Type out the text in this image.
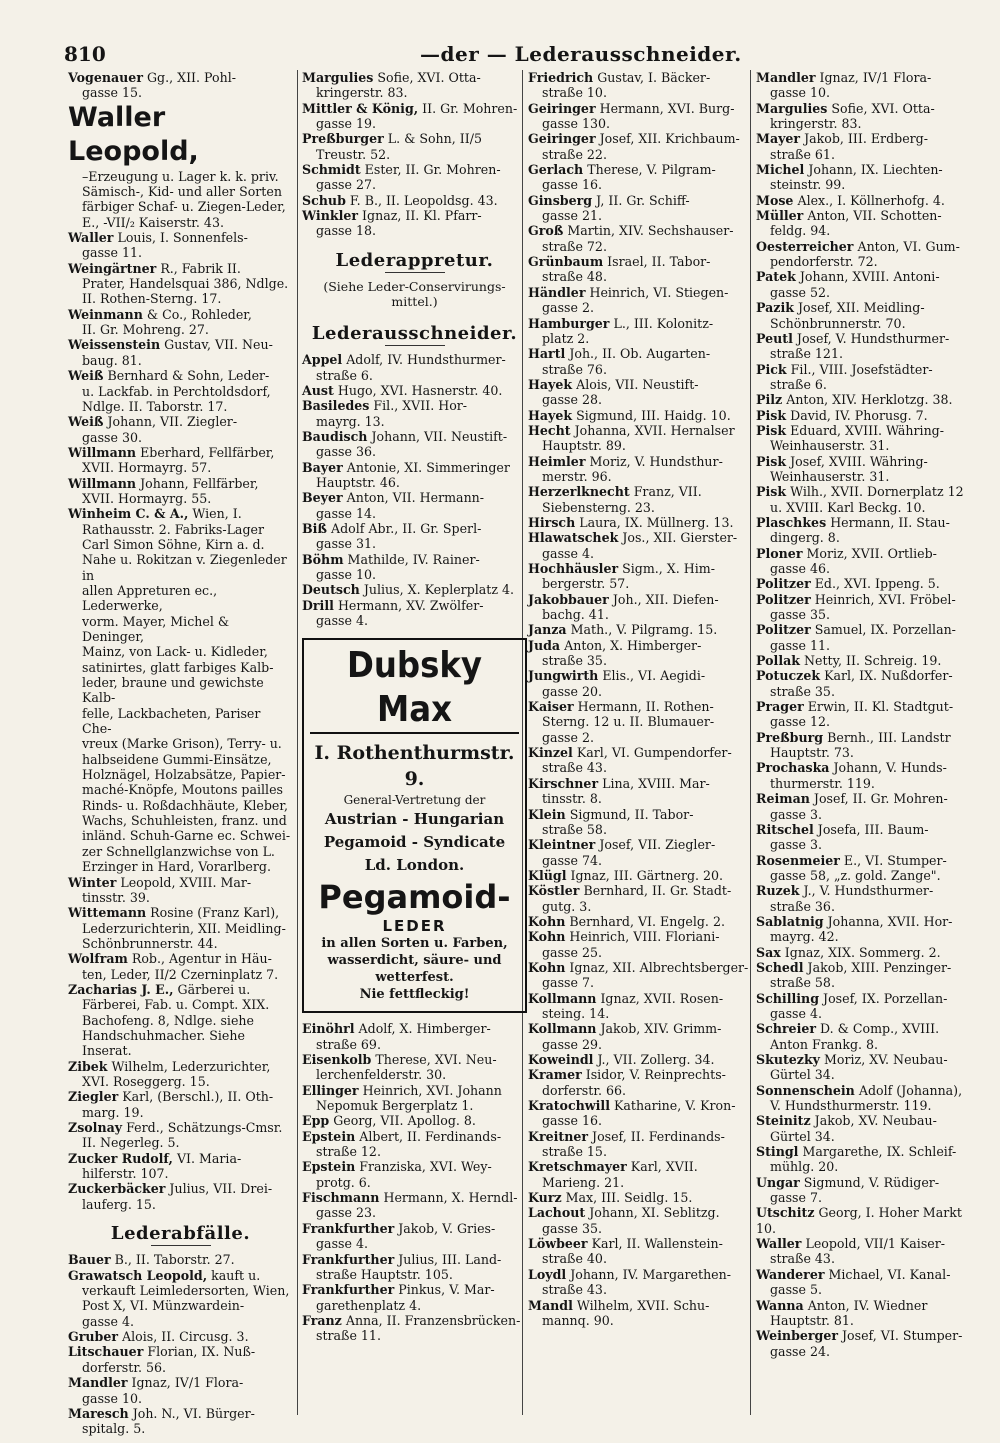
810	—der — Lederausschneider.
Vogenauer Gg., XII. Pohl-
gasse 15.
Waller Leopold,
–Erzeugung u. Lager k. k. priv.
Sämisch-, Kid- und aller Sorten
färbiger Schaf- u. Ziegen-Leder,
E., -VII/₂ Kaiserstr. 43.
Waller Louis, I. Sonnenfels-
gasse 11.
Weingärtner R., Fabrik II.
Prater, Handelsquai 386, Ndlge.
II. Rothen-Sterng. 17.
Weinmann & Co., Rohleder,
II. Gr. Mohreng. 27.
Weissenstein Gustav, VII. Neu-
baug. 81.
Weiß Bernhard & Sohn, Leder-
u. Lackfab. in Perchtoldsdorf,
Ndlge. II. Taborstr. 17.
Weiß Johann, VII. Ziegler-
gasse 30.
Willmann Eberhard, Fellfärber,
XVII. Hormayrg. 57.
Willmann Johann, Fellfärber,
XVII. Hormayrg. 55.
Winheim C. & A., Wien, I.
Rathausstr. 2. Fabriks-Lager
Carl Simon Söhne, Kirn a. d.
Nahe u. Rokitzan v. Ziegenleder in
allen Appreturen ec., Lederwerke,
vorm. Mayer, Michel & Deninger,
Mainz, von Lack- u. Kidleder,
satinirtes, glatt farbiges Kalb-
leder, braune und gewichste Kalb-
felle, Lackbacheten, Pariser Che-
vreux (Marke Grison), Terry- u.
halbseidene Gummi-Einsätze,
Holznägel, Holzabsätze, Papier-
maché-Knöpfe, Moutons pailles
Rinds- u. Roßdachhäute, Kleber,
Wachs, Schuhleisten, franz. und
inländ. Schuh-Garne ec. Schwei-
zer Schnellglanzwichse von L.
Erzinger in Hard, Vorarlberg.
Winter Leopold, XVIII. Mar-
tinsstr. 39.
Wittemann Rosine (Franz Karl),
Lederzurichterin, XII. Meidling-
Schönbrunnerstr. 44.
Wolfram Rob., Agentur in Häu-
ten, Leder, II/2 Czerninplatz 7.
Zacharias J. E., Gärberei u.
Färberei, Fab. u. Compt. XIX.
Bachofeng. 8, Ndlge. siehe
Handschuhmacher. Siehe
Inserat.
Zibek Wilhelm, Lederzurichter,
XVI. Roseggerg. 15.
Ziegler Karl, (Berschl.), II. Oth-
marg. 19.
Zsolnay Ferd., Schätzungs-Cmsr.
II. Negerleg. 5.
Zucker Rudolf, VI. Maria-
hilferstr. 107.
Zuckerbäcker Julius, VII. Drei-
lauferg. 15.
Lederabfälle.
Bauer B., II. Taborstr. 27.
Grawatsch Leopold, kauft u.
verkauft Leimledersorten, Wien,
Post X, VI. Münzwardein-
gasse 4.
Gruber Alois, II. Circusg. 3.
Litschauer Florian, IX. Nuß-
dorferstr. 56.
Mandler Ignaz, IV/1 Flora-
gasse 10.
Maresch Joh. N., VI. Bürger-
spitalg. 5.
Margulies Sofie, XVI. Otta-
kringerstr. 83.
Mittler & König, II. Gr. Mohren-
gasse 19.
Preßburger L. & Sohn, II/5
Treustr. 52.
Schmidt Ester, II. Gr. Mohren-
gasse 27.
Schub F. B., II. Leopoldsg. 43.
Winkler Ignaz, II. Kl. Pfarr-
gasse 18.
Lederappretur.
(Siehe Leder-Conservirungs-
mittel.)
Lederausschneider.
Appel Adolf, IV. Hundsthurmer-
straße 6.
Aust Hugo, XVI. Hasnerstr. 40.
Basiledes Fil., XVII. Hor-
mayrg. 13.
Baudisch Johann, VII. Neustift-
gasse 36.
Bayer Antonie, XI. Simmeringer
Hauptstr. 46.
Beyer Anton, VII. Hermann-
gasse 14.
Biß Adolf Abr., II. Gr. Sperl-
gasse 31.
Böhm Mathilde, IV. Rainer-
gasse 10.
Deutsch Julius, X. Keplerplatz 4.
Drill Hermann, XV. Zwölfer-
gasse 4.
Dubsky Max
I. Rothenthurmstr. 9.
General-Vertretung der
Austrian - Hungarian
Pegamoid - Syndicate
Ld. London.
Pegamoid-
LEDER
in allen Sorten u. Farben,
wasserdicht, säure- und
wetterfest.
Nie fettfleckig!
Einöhrl Adolf, X. Himberger-
straße 69.
Eisenkolb Therese, XVI. Neu-
lerchenfelderstr. 30.
Ellinger Heinrich, XVI. Johann
Nepomuk Bergerplatz 1.
Epp Georg, VII. Apollog. 8.
Epstein Albert, II. Ferdinands-
straße 12.
Epstein Franziska, XVI. Wey-
protg. 6.
Fischmann Hermann, X. Herndl-
gasse 23.
Frankfurther Jakob, V. Gries-
gasse 4.
Frankfurther Julius, III. Land-
straße Hauptstr. 105.
Frankfurther Pinkus, V. Mar-
garethenplatz 4.
Franz Anna, II. Franzensbrücken-
straße 11.
Friedrich Gustav, I. Bäcker-
straße 10.
Geiringer Hermann, XVI. Burg-
gasse 130.
Geiringer Josef, XII. Krichbaum-
straße 22.
Gerlach Therese, V. Pilgram-
gasse 16.
Ginsberg J, II. Gr. Schiff-
gasse 21.
Groß Martin, XIV. Sechshauser-
straße 72.
Grünbaum Israel, II. Tabor-
straße 48.
Händler Heinrich, VI. Stiegen-
gasse 2.
Hamburger L., III. Kolonitz-
platz 2.
Hartl Joh., II. Ob. Augarten-
straße 76.
Hayek Alois, VII. Neustift-
gasse 28.
Hayek Sigmund, III. Haidg. 10.
Hecht Johanna, XVII. Hernalser
Hauptstr. 89.
Heimler Moriz, V. Hundsthur-
merstr. 96.
Herzerlknecht Franz, VII.
Siebensterng. 23.
Hirsch Laura, IX. Müllnerg. 13.
Hlawatschek Jos., XII. Gierster-
gasse 4.
Hochhäusler Sigm., X. Him-
bergerstr. 57.
Jakobbauer Joh., XII. Diefen-
bachg. 41.
Janza Math., V. Pilgramg. 15.
Juda Anton, X. Himberger-
straße 35.
Jungwirth Elis., VI. Aegidi-
gasse 20.
Kaiser Hermann, II. Rothen-
Sterng. 12 u. II. Blumauer-
gasse 2.
Kinzel Karl, VI. Gumpendorfer-
straße 43.
Kirschner Lina, XVIII. Mar-
tinsstr. 8.
Klein Sigmund, II. Tabor-
straße 58.
Kleintner Josef, VII. Ziegler-
gasse 74.
Klügl Ignaz, III. Gärtnerg. 20.
Köstler Bernhard, II. Gr. Stadt-
gutg. 3.
Kohn Bernhard, VI. Engelg. 2.
Kohn Heinrich, VIII. Floriani-
gasse 25.
Kohn Ignaz, XII. Albrechtsberger-
gasse 7.
Kollmann Ignaz, XVII. Rosen-
steing. 14.
Kollmann Jakob, XIV. Grimm-
gasse 29.
Koweindl J., VII. Zollerg. 34.
Kramer Isidor, V. Reinprechts-
dorferstr. 66.
Kratochwill Katharine, V. Kron-
gasse 16.
Kreitner Josef, II. Ferdinands-
straße 15.
Kretschmayer Karl, XVII.
Marieng. 21.
Kurz Max, III. Seidlg. 15.
Lachout Johann, XI. Seblitzg.
gasse 35.
Löwbeer Karl, II. Wallenstein-
straße 40.
Loydl Johann, IV. Margarethen-
straße 43.
Mandl Wilhelm, XVII. Schu-
mannq. 90.
Mandler Ignaz, IV/1 Flora-
gasse 10.
Margulies Sofie, XVI. Otta-
kringerstr. 83.
Mayer Jakob, III. Erdberg-
straße 61.
Michel Johann, IX. Liechten-
steinstr. 99.
Mose Alex., I. Köllnerhofg. 4.
Müller Anton, VII. Schotten-
feldg. 94.
Oesterreicher Anton, VI. Gum-
pendorferstr. 72.
Patek Johann, XVIII. Antoni-
gasse 52.
Pazik Josef, XII. Meidling-
Schönbrunnerstr. 70.
Peutl Josef, V. Hundsthurmer-
straße 121.
Pick Fil., VIII. Josefstädter-
straße 6.
Pilz Anton, XIV. Herklotzg. 38.
Pisk David, IV. Phorusg. 7.
Pisk Eduard, XVIII. Währing-
Weinhauserstr. 31.
Pisk Josef, XVIII. Währing-
Weinhauserstr. 31.
Pisk Wilh., XVII. Dornerplatz 12
u. XVIII. Karl Beckg. 10.
Plaschkes Hermann, II. Stau-
dingerg. 8.
Ploner Moriz, XVII. Ortlieb-
gasse 46.
Politzer Ed., XVI. Ippeng. 5.
Politzer Heinrich, XVI. Fröbel-
gasse 35.
Politzer Samuel, IX. Porzellan-
gasse 11.
Pollak Netty, II. Schreig. 19.
Potuczek Karl, IX. Nußdorfer-
straße 35.
Prager Erwin, II. Kl. Stadtgut-
gasse 12.
Preßburg Bernh., III. Landstr
Hauptstr. 73.
Prochaska Johann, V. Hunds-
thurmerstr. 119.
Reiman Josef, II. Gr. Mohren-
gasse 3.
Ritschel Josefa, III. Baum-
gasse 3.
Rosenmeier E., VI. Stumper-
gasse 58, „z. gold. Zange".
Ruzek J., V. Hundsthurmer-
straße 36.
Sablatnig Johanna, XVII. Hor-
mayrg. 42.
Sax Ignaz, XIX. Sommerg. 2.
Schedl Jakob, XIII. Penzinger-
straße 58.
Schilling Josef, IX. Porzellan-
gasse 4.
Schreier D. & Comp., XVIII.
Anton Frankg. 8.
Skutezky Moriz, XV. Neubau-
Gürtel 34.
Sonnenschein Adolf (Johanna),
V. Hundsthurmerstr. 119.
Steinitz Jakob, XV. Neubau-
Gürtel 34.
Stingl Margarethe, IX. Schleif-
mühlg. 20.
Ungar Sigmund, V. Rüdiger-
gasse 7.
Utschitz Georg, I. Hoher Markt 10.
Waller Leopold, VII/1 Kaiser-
straße 43.
Wanderer Michael, VI. Kanal-
gasse 5.
Wanna Anton, IV. Wiedner
Hauptstr. 81.
Weinberger Josef, VI. Stumper-
gasse 24.
